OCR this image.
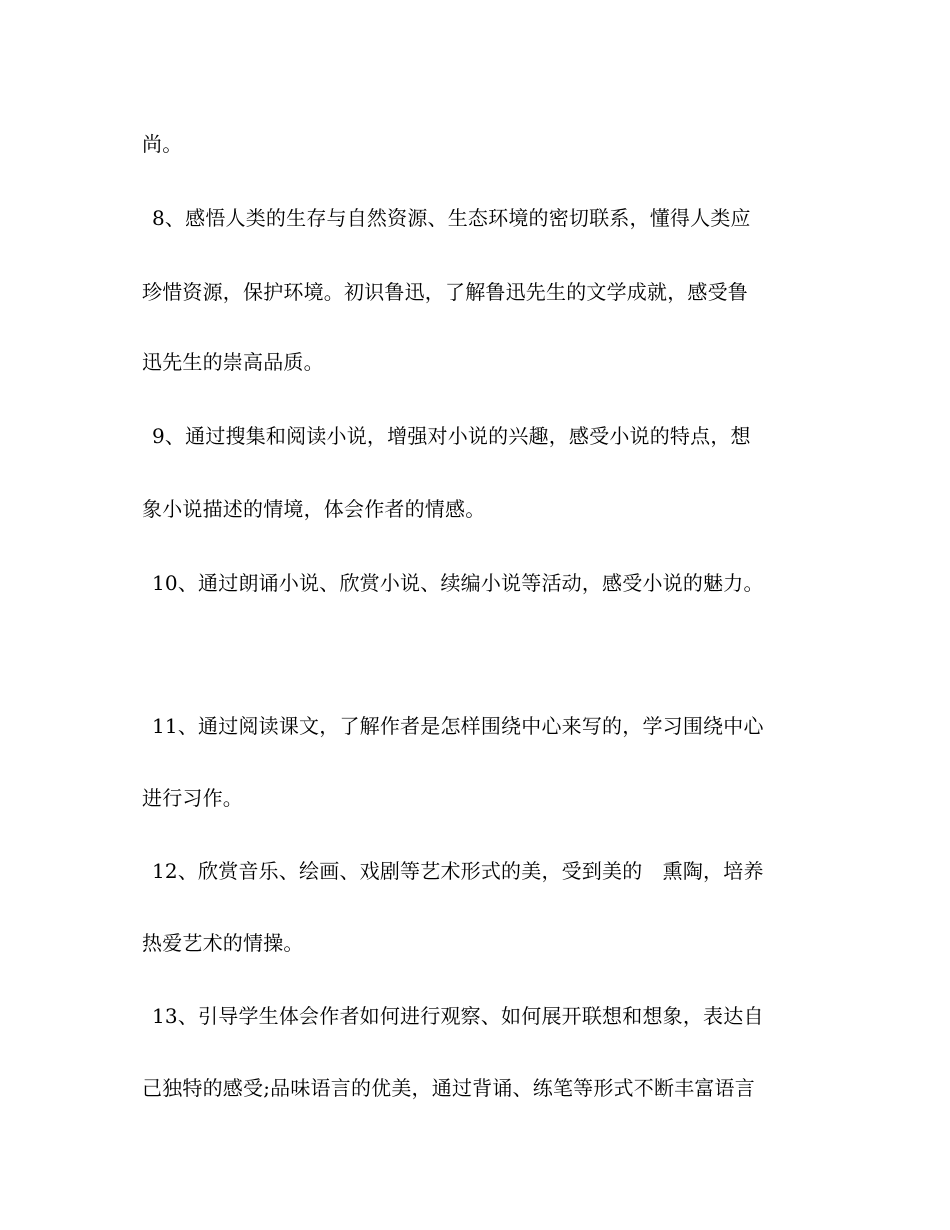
尚。
8、感悟人类的生存与自然资源、生态环境的密切联系，懂得人类应
珍惜资源，保护环境。初识鲁迅，了解鲁迅先生的文学成就，感受鲁
迅先生的崇高品质。
9、通过搜集和阅读小说，增强对小说的兴趣，感受小说的特点，想
象小说描述的情境，体会作者的情感。
10、通过朗诵小说、欣赏小说、续编小说等活动，感受小说的魅力。
11、通过阅读课文，了解作者是怎样围绕中心来写的，学习围绕中心
进行习作。
12、欣赏音乐、绘画、戏剧等艺术形式的美，受到美的　熏陶，培养
热爱艺术的情操。
13、引导学生体会作者如何进行观察、如何展开联想和想象，表达自
己独特的感受;品味语言的优美，通过背诵、练笔等形式不断丰富语言
